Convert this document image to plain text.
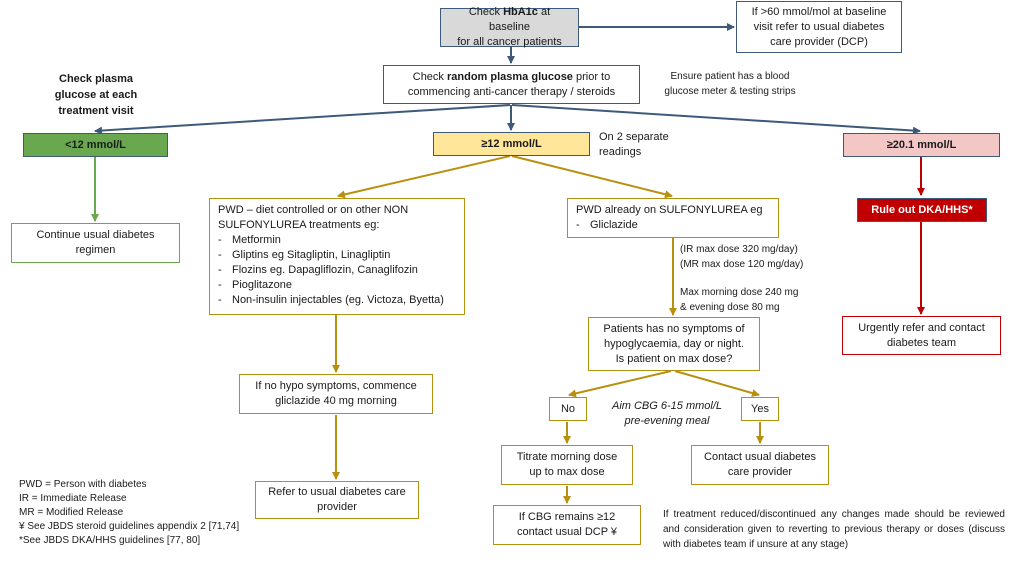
Check HbA1c at baseline
for all cancer patients
If >60 mmol/mol at baseline
visit refer to usual diabetes
care provider (DCP)
Check random plasma glucose prior to
commencing anti-cancer therapy / steroids
Ensure patient has a blood
glucose meter & testing strips
Check plasma
glucose at each
treatment visit
<12 mmol/L	≥12 mmol/L	≥20.1 mmol/L
On 2 separate
readings
Continue usual diabetes
regimen
PWD – diet controlled or on other NON
SULFONYLUREA treatments eg:
- Metformin
- Gliptins eg Sitagliptin, Linagliptin
- Flozins eg. Dapagliflozin, Canaglifozin
- Pioglitazone
- Non-insulin injectables (eg. Victoza, Byetta)
PWD already on SULFONYLUREA eg
- Gliclazide
(IR max dose 320 mg/day)
(MR max dose 120 mg/day)

Max morning dose 240 mg
& evening dose 80 mg
Patients has no symptoms of
hypoglycaemia, day or night.
Is patient on max dose?
No	Yes
Aim CBG 6-15 mmol/L
pre-evening meal
If no hypo symptoms, commence
gliclazide 40 mg morning
Refer to usual diabetes care
provider
Titrate morning dose
up to max dose
Contact usual diabetes
care provider
If CBG remains ≥12
contact usual DCP ¥
Rule out DKA/HHS*
Urgently refer and contact
diabetes team
If treatment reduced/discontinued any changes made should be reviewed and consideration given to reverting to previous therapy or doses (discuss with diabetes team if unsure at any stage)
PWD = Person with diabetes
IR = Immediate Release
MR = Modified Release
¥ See JBDS steroid guidelines appendix 2 [71,74]
*See JBDS DKA/HHS guidelines [77, 80]
